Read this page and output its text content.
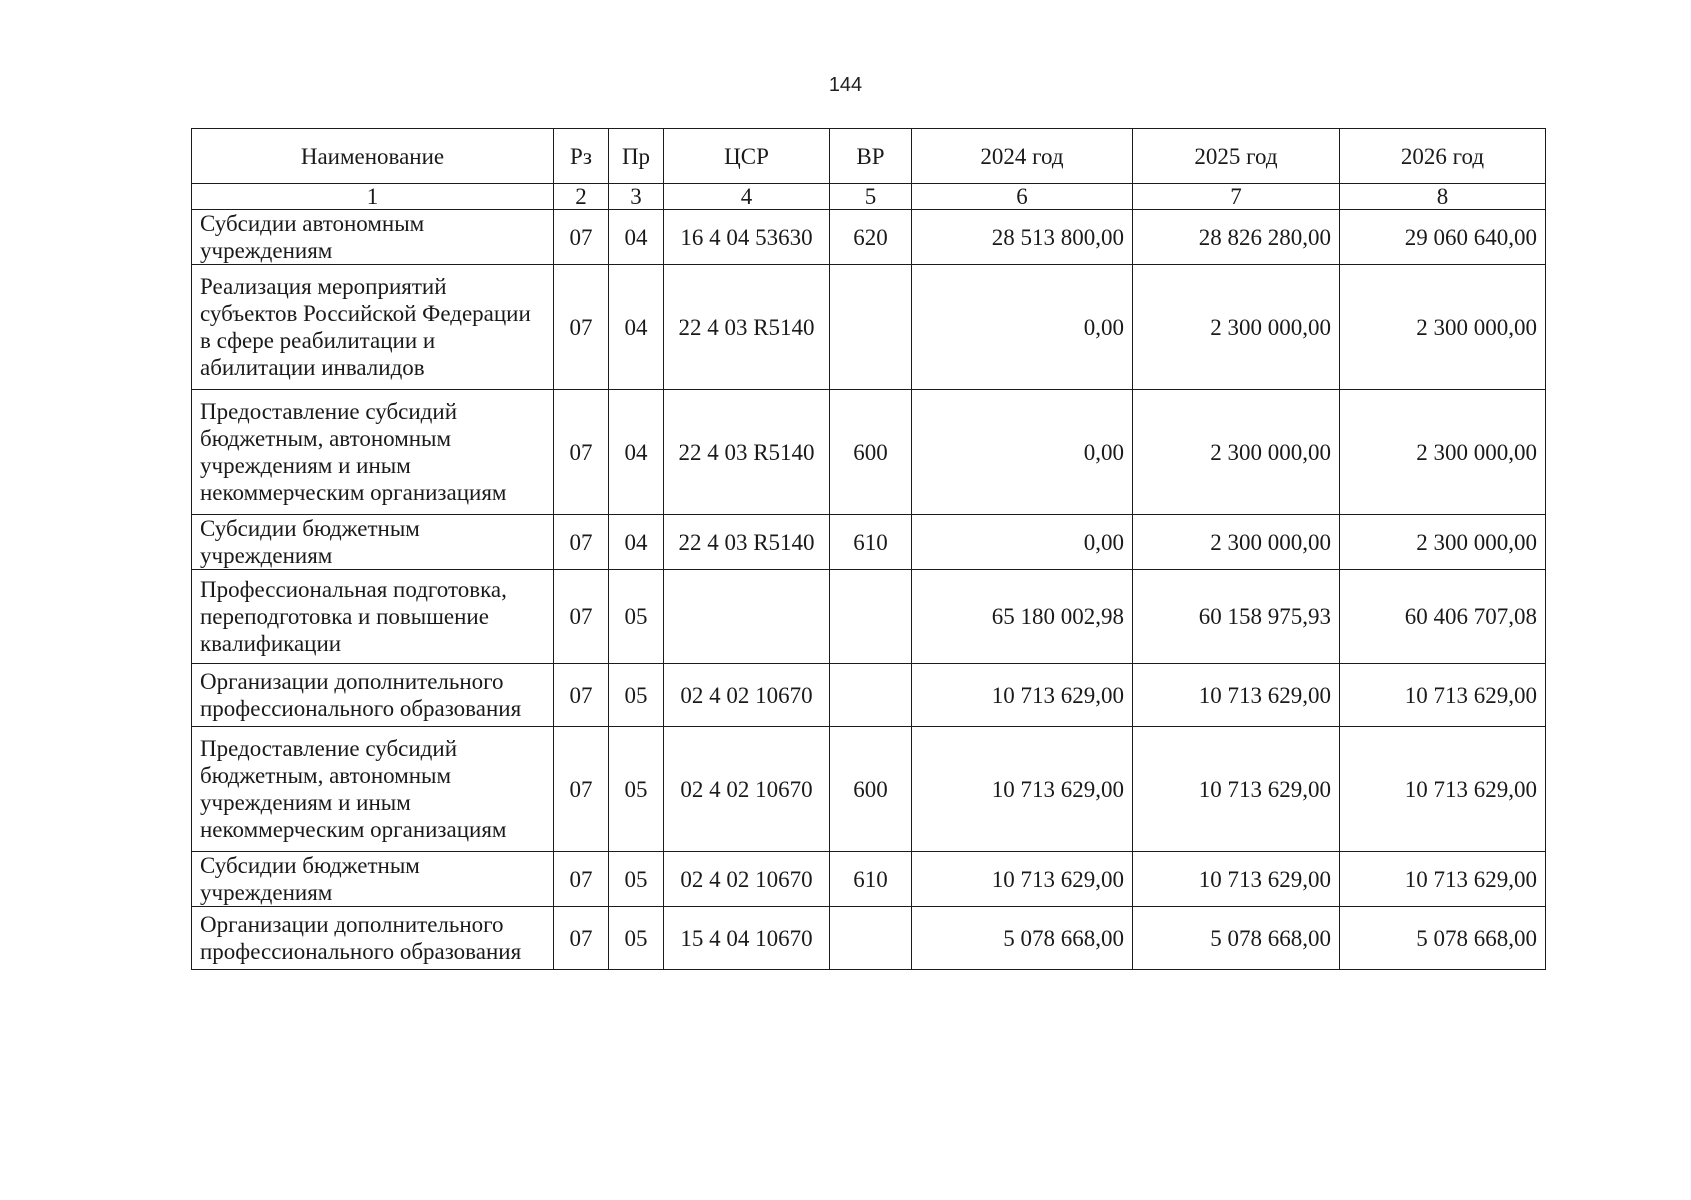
144
Наименование	Рз	Пр	ЦСР	ВР	2024 год	2025 год	2026 год
1	2	3	4	5	6	7	8
Субсидии автономным учреждениям	07	04	16 4 04 53630	620	28 513 800,00	28 826 280,00	29 060 640,00
Реализация мероприятий субъектов Российской Федерации в сфере реабилитации и абилитации инвалидов	07	04	22 4 03 R5140		0,00	2 300 000,00	2 300 000,00
Предоставление субсидий бюджетным, автономным учреждениям и иным некоммерческим организациям	07	04	22 4 03 R5140	600	0,00	2 300 000,00	2 300 000,00
Субсидии бюджетным учреждениям	07	04	22 4 03 R5140	610	0,00	2 300 000,00	2 300 000,00
Профессиональная подготовка, переподготовка и повышение квалификации	07	05			65 180 002,98	60 158 975,93	60 406 707,08
Организации дополнительного профессионального образования	07	05	02 4 02 10670		10 713 629,00	10 713 629,00	10 713 629,00
Предоставление субсидий бюджетным, автономным учреждениям и иным некоммерческим организациям	07	05	02 4 02 10670	600	10 713 629,00	10 713 629,00	10 713 629,00
Субсидии бюджетным учреждениям	07	05	02 4 02 10670	610	10 713 629,00	10 713 629,00	10 713 629,00
Организации дополнительного профессионального образования	07	05	15 4 04 10670		5 078 668,00	5 078 668,00	5 078 668,00
